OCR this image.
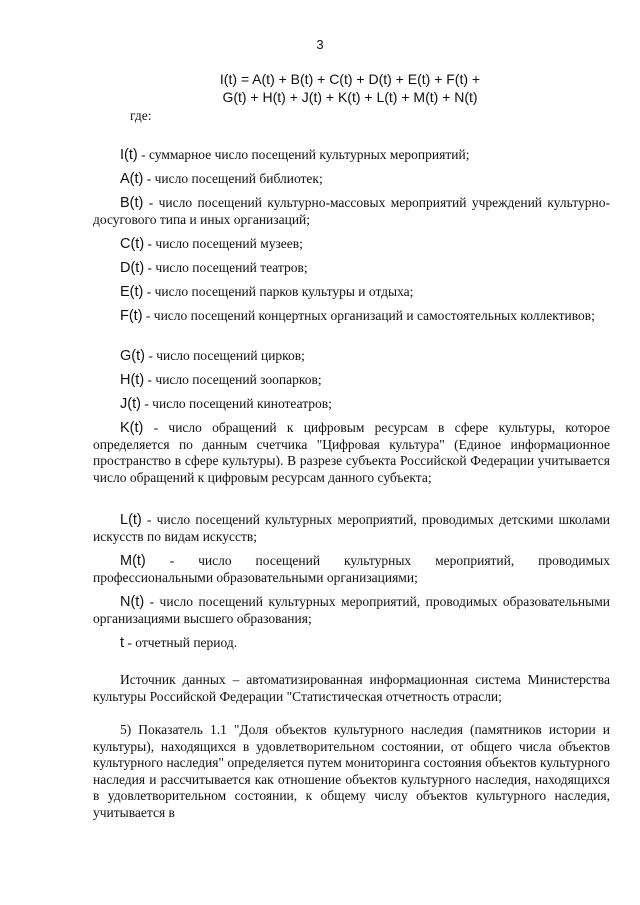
3
I(t) = A(t) + B(t) + C(t) + D(t) + E(t) + F(t) +
G(t) + H(t) + J(t) + K(t) + L(t) + M(t) + N(t)
где:
I(t) - суммарное число посещений культурных мероприятий;
A(t) - число посещений библиотек;
B(t) - число посещений культурно-массовых мероприятий учреждений культурно-досугового типа и иных организаций;
C(t) - число посещений музеев;
D(t) - число посещений театров;
E(t) - число посещений парков культуры и отдыха;
F(t) - число посещений концертных организаций и самостоятельных коллективов;
G(t) - число посещений цирков;
H(t) - число посещений зоопарков;
J(t) - число посещений кинотеатров;
K(t) - число обращений к цифровым ресурсам в сфере культуры, которое определяется по данным счетчика "Цифровая культура" (Единое информационное пространство в сфере культуры). В разрезе субъекта Российской Федерации учитывается число обращений к цифровым ресурсам данного субъекта;
L(t) - число посещений культурных мероприятий, проводимых детскими школами искусств по видам искусств;
M(t) - число посещений культурных мероприятий, проводимых профессиональными образовательными организациями;
N(t) - число посещений культурных мероприятий, проводимых образовательными организациями высшего образования;
t - отчетный период.
Источник данных – автоматизированная информационная система Министерства культуры Российской Федерации "Статистическая отчетность отрасли;
5) Показатель 1.1 "Доля объектов культурного наследия (памятников истории и культуры), находящихся в удовлетворительном состоянии, от общего числа объектов культурного наследия" определяется путем мониторинга состояния объектов культурного наследия и рассчитывается как отношение объектов культурного наследия, находящихся в удовлетворительном состоянии, к общему числу объектов культурного наследия, учитывается в
